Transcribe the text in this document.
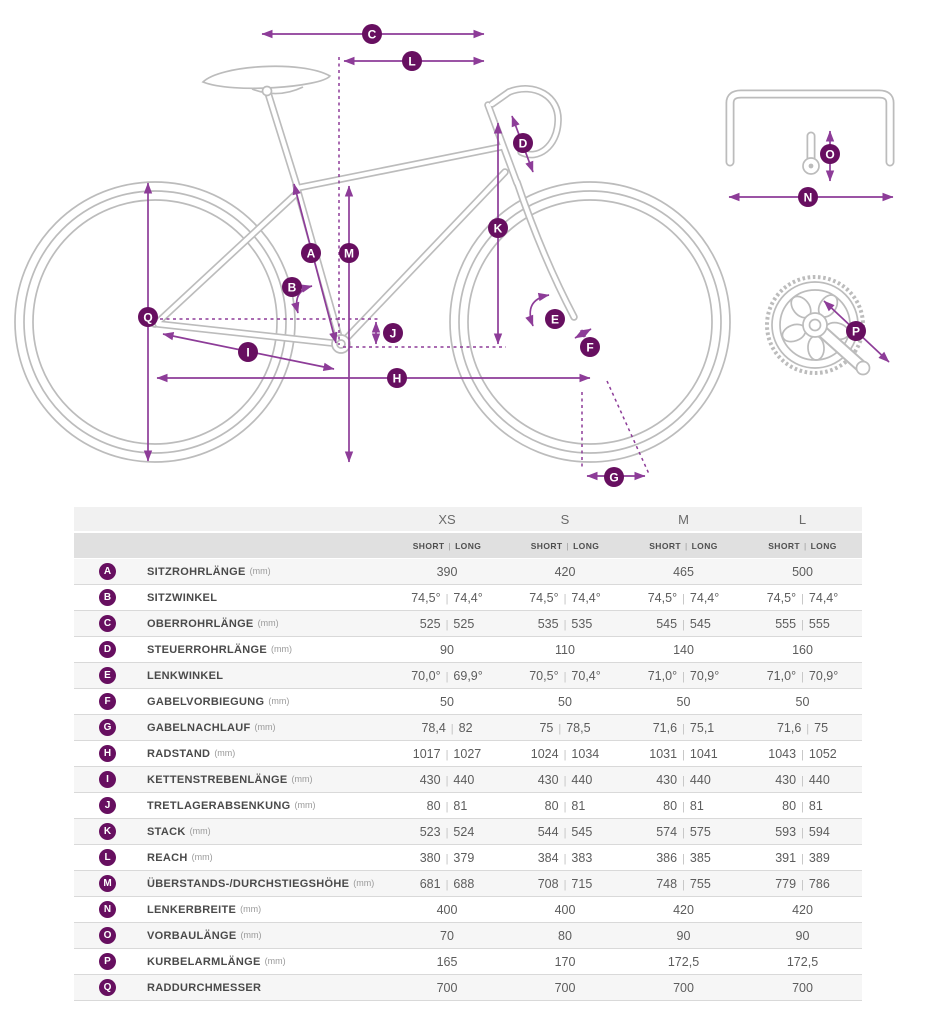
A
B
C
D
E
F
G
H
I
J
K
L
M
N
O
P
Q
	XS	S	M	L
	SHORT | LONG	SHORT | LONG	SHORT | LONG	SHORT | LONG
A SITZROHRLÄNGE (mm)	390	420	465	500
B SITZWINKEL	74,5° | 74,4°	74,5° | 74,4°	74,5° | 74,4°	74,5° | 74,4°
C OBERROHRLÄNGE (mm)	525 | 525	535 | 535	545 | 545	555 | 555
D STEUERROHRLÄNGE (mm)	90	110	140	160
E LENKWINKEL	70,0° | 69,9°	70,5° | 70,4°	71,0° | 70,9°	71,0° | 70,9°
F GABELVORBIEGUNG (mm)	50	50	50	50
G GABELNACHLAUF (mm)	78,4 | 82	75 | 78,5	71,6 | 75,1	71,6 | 75
H RADSTAND (mm)	1017 | 1027	1024 | 1034	1031 | 1041	1043 | 1052
I KETTENSTREBENLÄNGE (mm)	430 | 440	430 | 440	430 | 440	430 | 440
J TRETLAGERABSENKUNG (mm)	80 | 81	80 | 81	80 | 81	80 | 81
K STACK (mm)	523 | 524	544 | 545	574 | 575	593 | 594
L REACH (mm)	380 | 379	384 | 383	386 | 385	391 | 389
M ÜBERSTANDS-/DURCHSTIEGSHÖHE (mm)	681 | 688	708 | 715	748 | 755	779 | 786
N LENKERBREITE (mm)	400	400	420	420
O VORBAULÄNGE (mm)	70	80	90	90
P KURBELARMLÄNGE (mm)	165	170	172,5	172,5
Q RADDURCHMESSER	700	700	700	700
